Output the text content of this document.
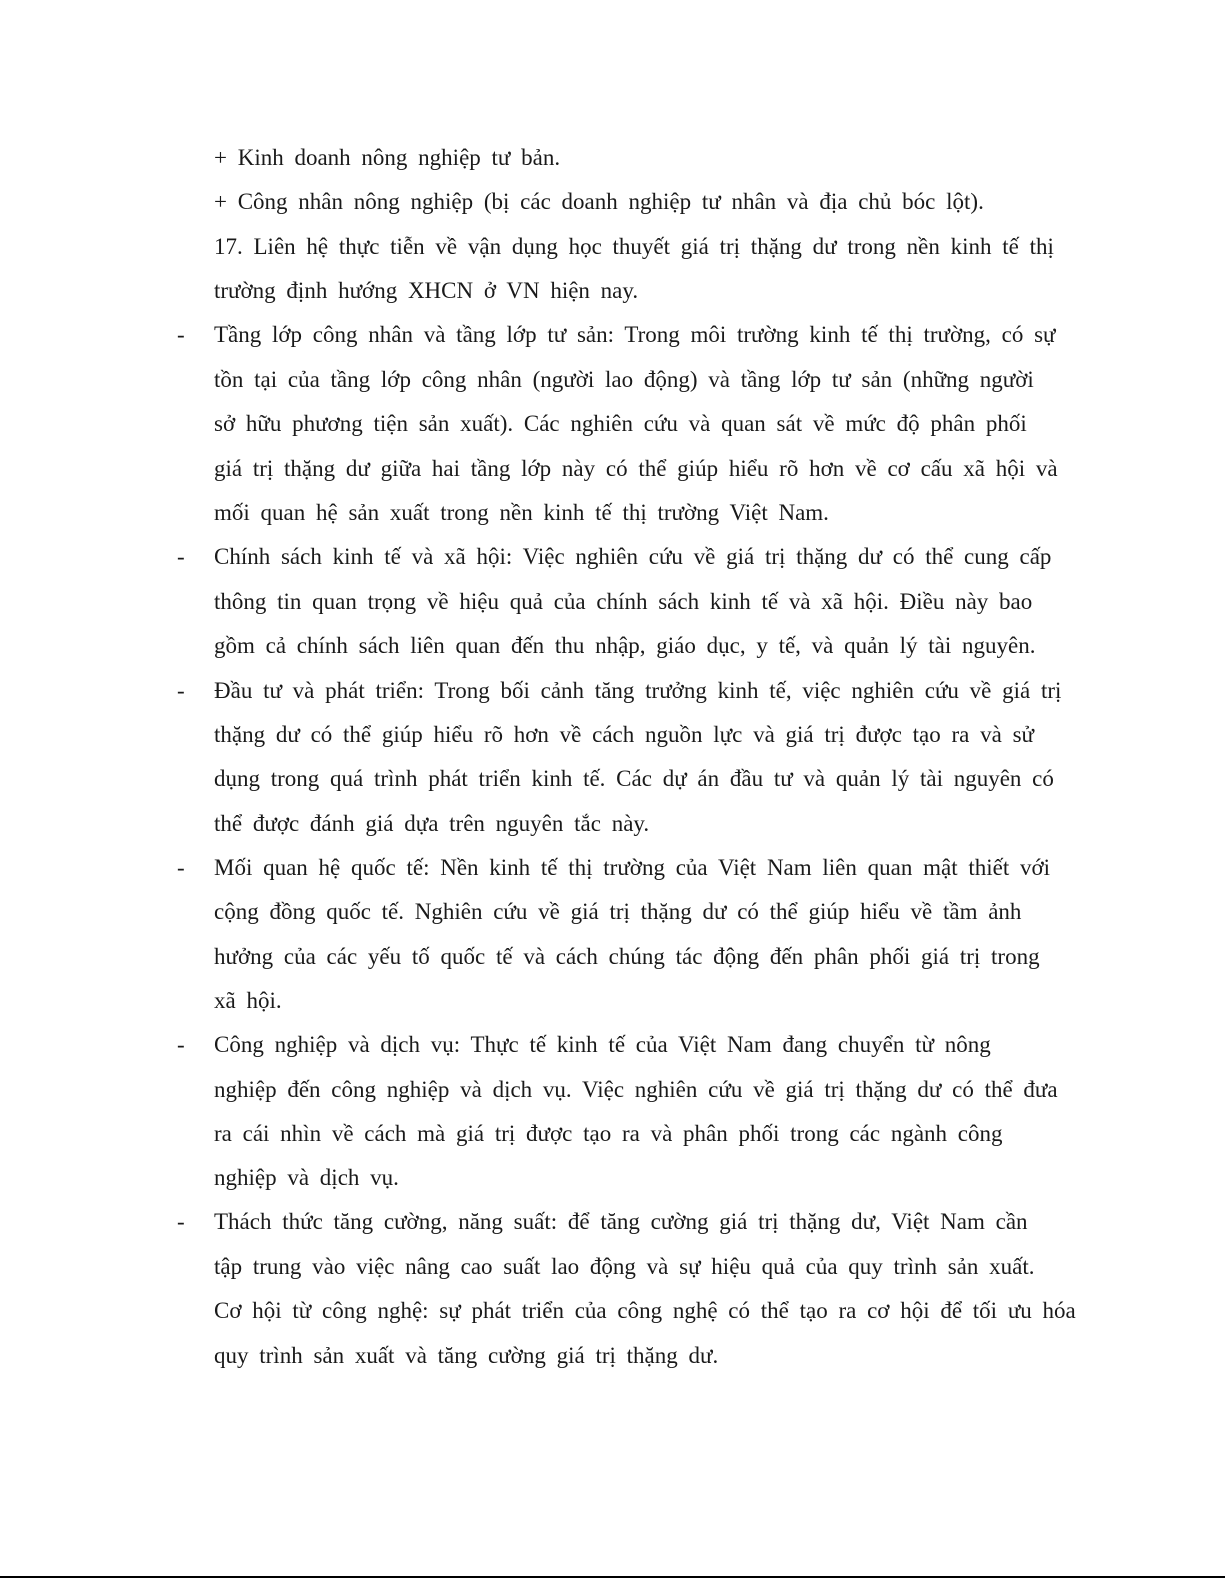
+ Kinh doanh nông nghiệp tư bản.
+ Công nhân nông nghiệp (bị các doanh nghiệp tư nhân và địa chủ bóc lột).
17. Liên hệ thực tiễn về vận dụng học thuyết giá trị thặng dư trong nền kinh tế thị
trường định hướng XHCN ở VN hiện nay.
- Tầng lớp công nhân và tầng lớp tư sản: Trong môi trường kinh tế thị trường, có sự
tồn tại của tầng lớp công nhân (người lao động) và tầng lớp tư sản (những người
sở hữu phương tiện sản xuất). Các nghiên cứu và quan sát về mức độ phân phối
giá trị thặng dư giữa hai tầng lớp này có thể giúp hiểu rõ hơn về cơ cấu xã hội và
mối quan hệ sản xuất trong nền kinh tế thị trường Việt Nam.
- Chính sách kinh tế và xã hội: Việc nghiên cứu về giá trị thặng dư có thể cung cấp
thông tin quan trọng về hiệu quả của chính sách kinh tế và xã hội. Điều này bao
gồm cả chính sách liên quan đến thu nhập, giáo dục, y tế, và quản lý tài nguyên.
- Đầu tư và phát triển: Trong bối cảnh tăng trưởng kinh tế, việc nghiên cứu về giá trị
thặng dư có thể giúp hiểu rõ hơn về cách nguồn lực và giá trị được tạo ra và sử
dụng trong quá trình phát triển kinh tế. Các dự án đầu tư và quản lý tài nguyên có
thể được đánh giá dựa trên nguyên tắc này.
- Mối quan hệ quốc tế: Nền kinh tế thị trường của Việt Nam liên quan mật thiết với
cộng đồng quốc tế. Nghiên cứu về giá trị thặng dư có thể giúp hiểu về tầm ảnh
hưởng của các yếu tố quốc tế và cách chúng tác động đến phân phối giá trị trong
xã hội.
- Công nghiệp và dịch vụ: Thực tế kinh tế của Việt Nam đang chuyển từ nông
nghiệp đến công nghiệp và dịch vụ. Việc nghiên cứu về giá trị thặng dư có thể đưa
ra cái nhìn về cách mà giá trị được tạo ra và phân phối trong các ngành công
nghiệp và dịch vụ.
- Thách thức tăng cường, năng suất: để tăng cường giá trị thặng dư, Việt Nam cần
tập trung vào việc nâng cao suất lao động và sự hiệu quả của quy trình sản xuất.
Cơ hội từ công nghệ: sự phát triển của công nghệ có thể tạo ra cơ hội để tối ưu hóa
quy trình sản xuất và tăng cường giá trị thặng dư.
